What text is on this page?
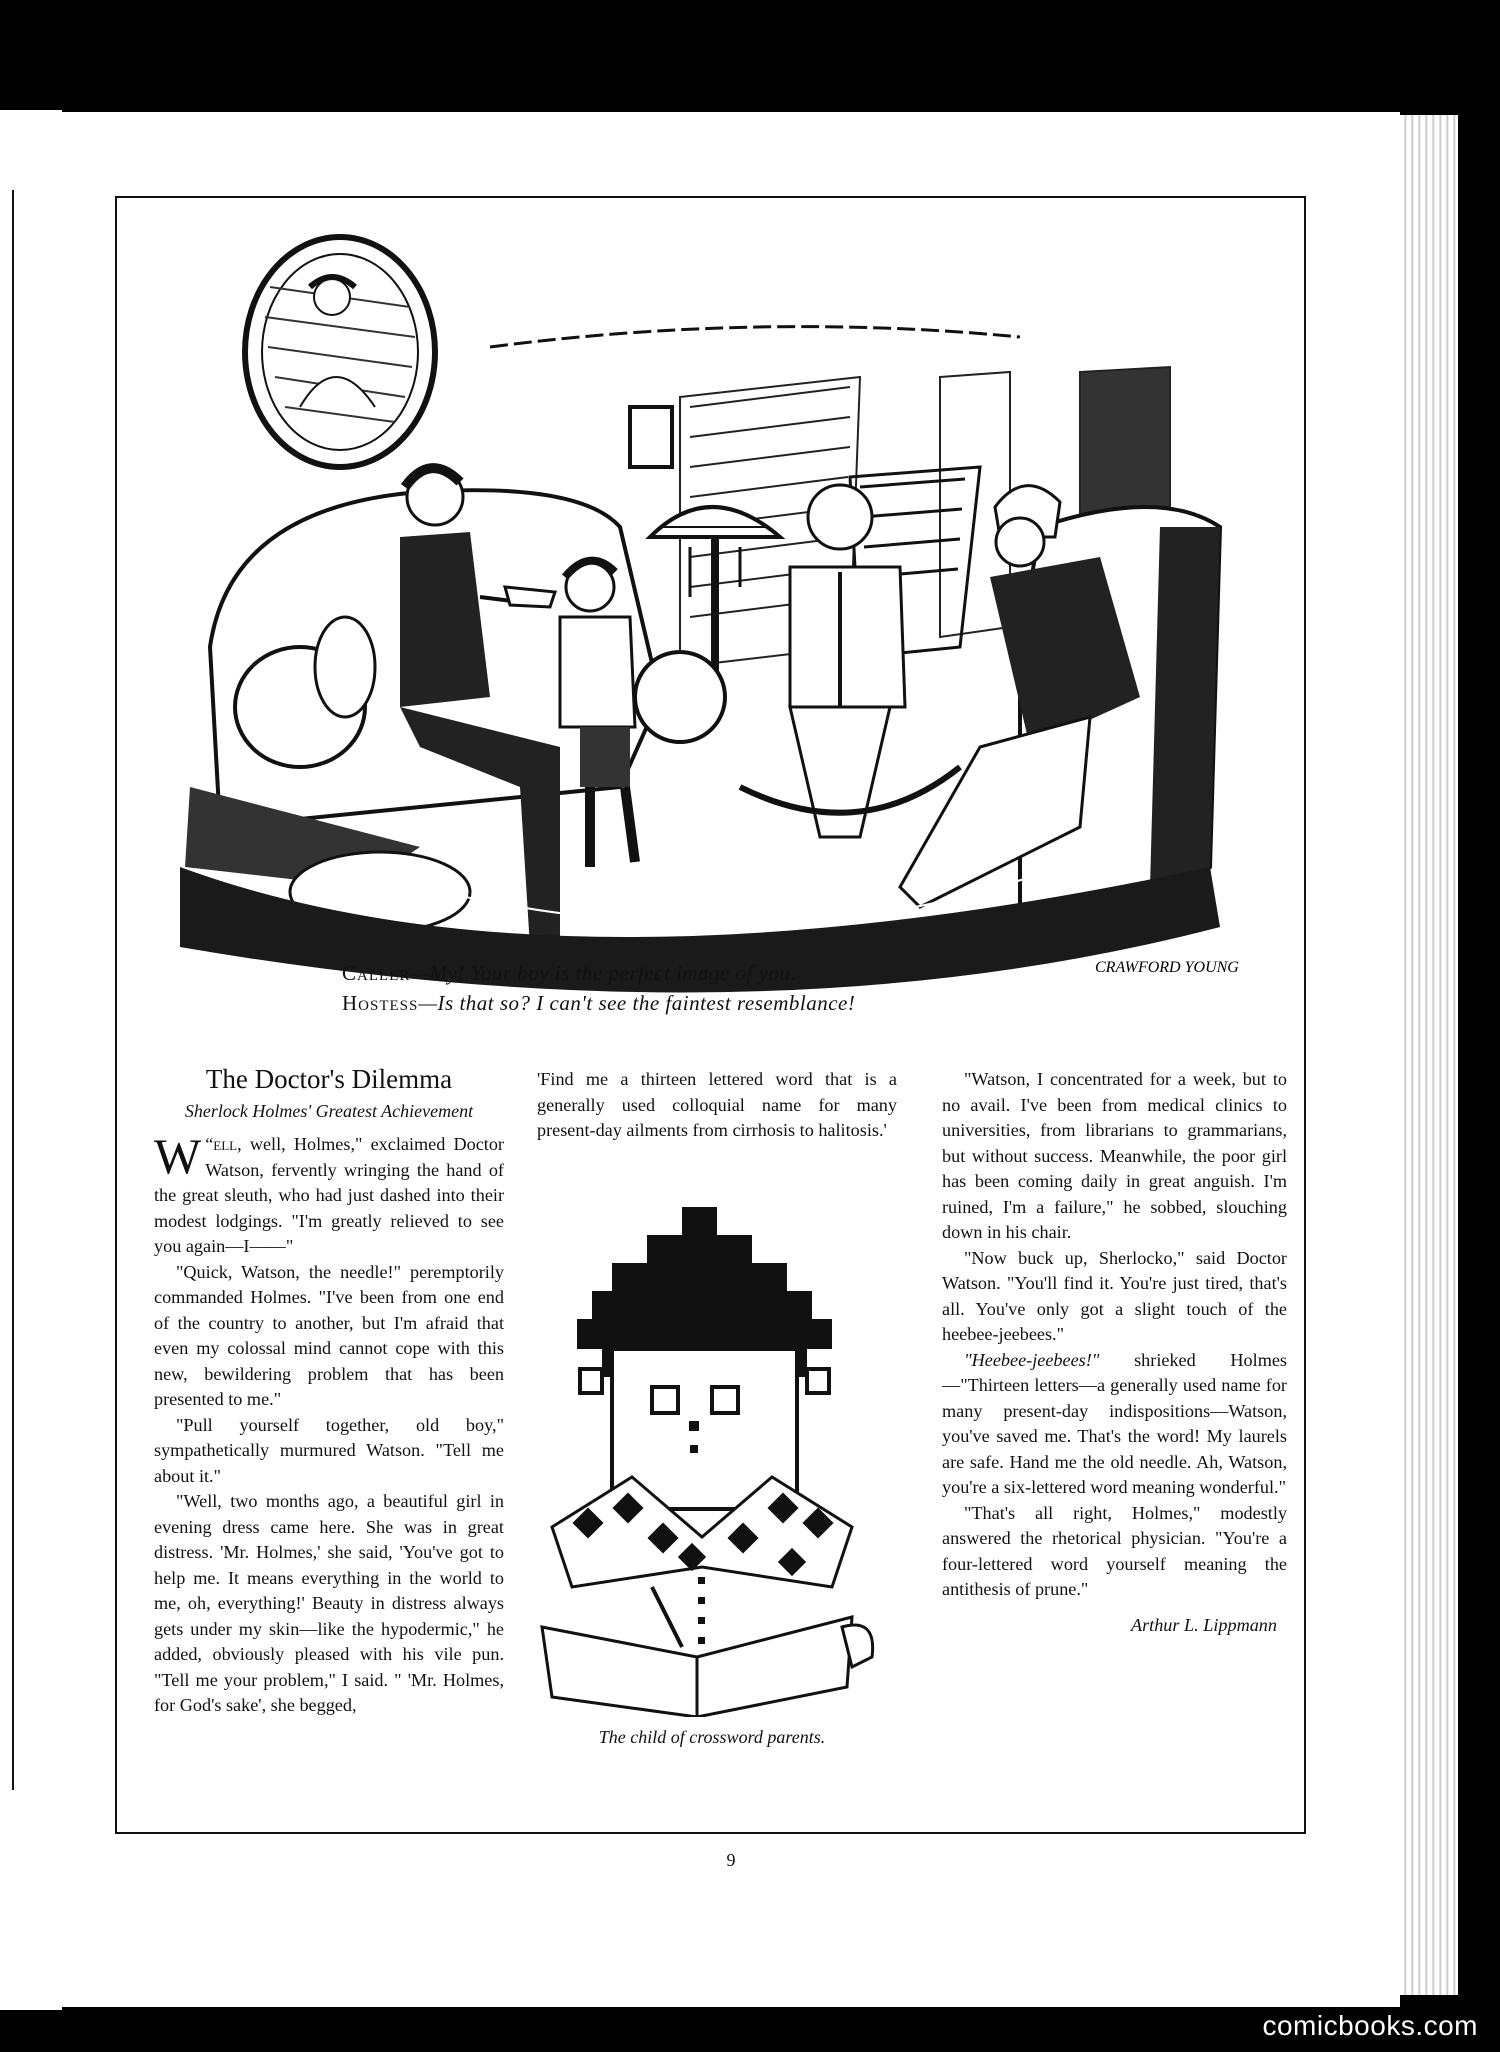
CRAWFORD YOUNG
Caller—My! Your boy is the perfect image of you.
Hostess—Is that so? I can't see the faintest resemblance!
The Doctor's Dilemma
Sherlock Holmes' Greatest Achievement

“
W ell, well, Holmes," exclaimed Doctor Watson, fervently wringing the hand of the great sleuth, who had just dashed into their modest lodgings. "I'm greatly relieved to see you again—I——"

"Quick, Watson, the needle!" peremptorily commanded Holmes. "I've been from one end of the country to another, but I'm afraid that even my colossal mind cannot cope with this new, bewildering problem that has been presented to me."

"Pull yourself together, old boy," sympathetically murmured Watson. "Tell me about it."

"Well, two months ago, a beautiful girl in evening dress came here. She was in great distress. 'Mr. Holmes,' she said, 'You've got to help me. It means everything in the world to me, oh, everything!' Beauty in distress always gets under my skin—like the hypodermic," he added, obviously pleased with his vile pun. "Tell me your problem," I said. " 'Mr. Holmes, for God's sake', she begged,

'Find me a thirteen lettered word that is a generally used colloquial name for many present-day ailments from cirrhosis to halitosis.'

The child of crossword parents.

"Watson, I concentrated for a week, but to no avail. I've been from medical clinics to universities, from librarians to grammarians, but without success. Meanwhile, the poor girl has been coming daily in great anguish. I'm ruined, I'm a failure," he sobbed, slouching down in his chair.

"Now buck up, Sherlocko," said Doctor Watson. "You'll find it. You're just tired, that's all. You've only got a slight touch of the heebee-jeebees."

"Heebee-jeebees!" shrieked Holmes —"Thirteen letters—a generally used name for many present-day indispositions—Watson, you've saved me. That's the word! My laurels are safe. Hand me the old needle. Ah, Watson, you're a six-lettered word meaning wonderful."

"That's all right, Holmes," modestly answered the rhetorical physician. "You're a four-lettered word yourself meaning the antithesis of prune."

Arthur L. Lippmann
9
comicbooks.com
